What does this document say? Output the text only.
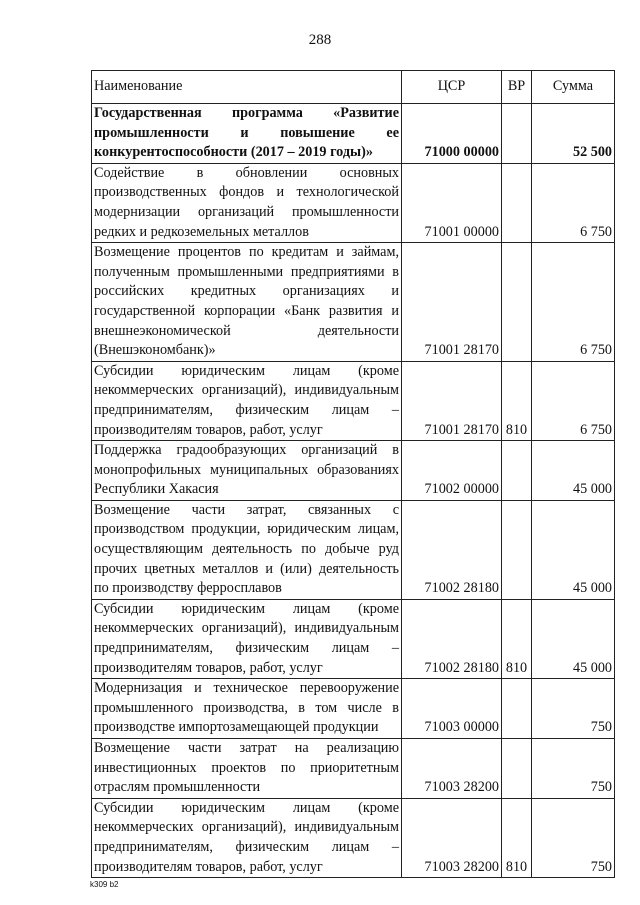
288
Наименование	ЦСР	ВР	Сумма
Государственная программа «Развитие промышленности и повышение ее конкурентоспособности (2017 – 2019 годы)»	71000 00000		52 500
Содействие в обновлении основных производственных фондов и технологической модернизации организаций промышленности редких и редкоземельных металлов	71001 00000		6 750
Возмещение процентов по кредитам и займам, полученным промышленными предприятиями в российских кредитных организациях и государственной корпорации «Банк развития и внешнеэкономической деятельности (Внешэкономбанк)»	71001 28170		6 750
Субсидии юридическим лицам (кроме некоммерческих организаций), индивидуальным предпринимателям, физическим лицам – производителям товаров, работ, услуг	71001 28170	810	6 750
Поддержка градообразующих организаций в монопрофильных муниципальных образованиях Республики Хакасия	71002 00000		45 000
Возмещение части затрат, связанных с производством продукции, юридическим лицам, осуществляющим деятельность по добыче руд прочих цветных металлов и (или) деятельность по производству ферросплавов	71002 28180		45 000
Субсидии юридическим лицам (кроме некоммерческих организаций), индивидуальным предпринимателям, физическим лицам – производителям товаров, работ, услуг	71002 28180	810	45 000
Модернизация и техническое перевооружение промышленного производства, в том числе в производстве импортозамещающей продукции	71003 00000		750
Возмещение части затрат на реализацию инвестиционных проектов по приоритетным отраслям промышленности	71003 28200		750
Субсидии юридическим лицам (кроме некоммерческих организаций), индивидуальным предпринимателям, физическим лицам – производителям товаров, работ, услуг	71003 28200	810	750
k309 b2
